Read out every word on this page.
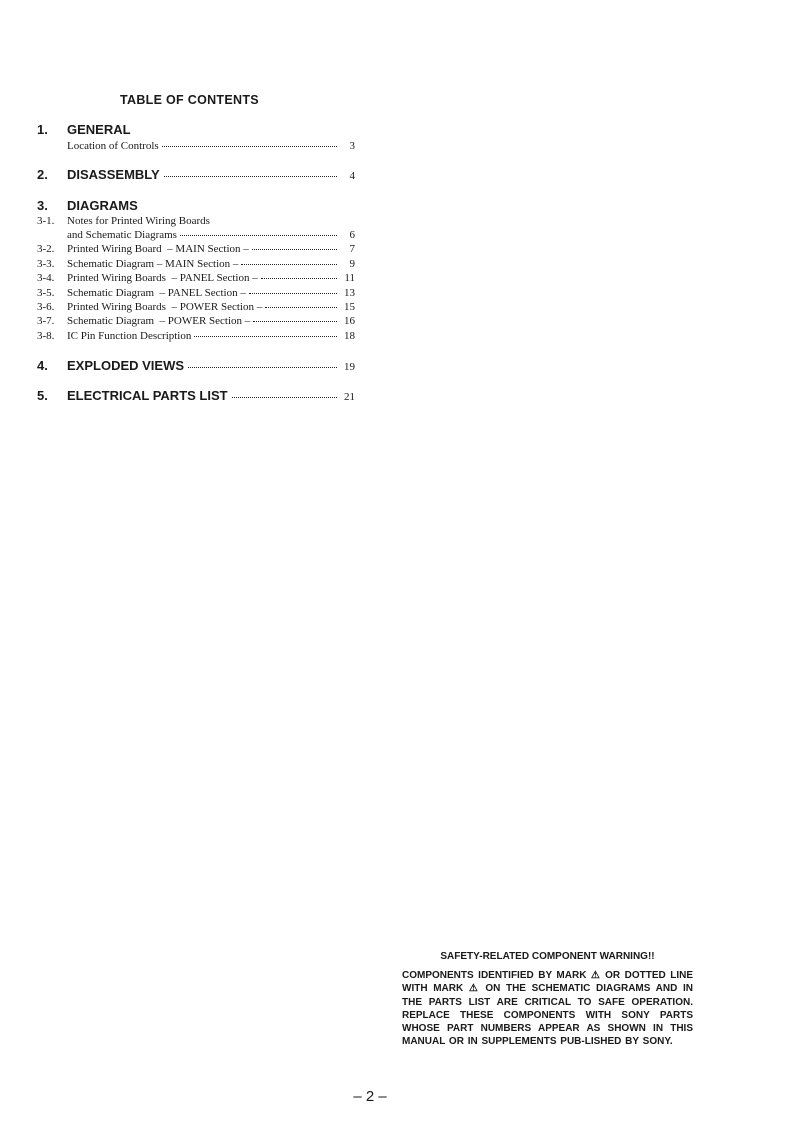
TABLE OF CONTENTS
1.	GENERAL
Location of Controls	3
2.	DISASSEMBLY	4
3.	DIAGRAMS
3-1.	Notes for Printed Wiring Boards
and Schematic Diagrams	6
3-2.	Printed Wiring Board  – MAIN Section –	7
3-3.	Schematic Diagram – MAIN Section –	9
3-4.	Printed Wiring Boards  – PANEL Section –	11
3-5.	Schematic Diagram  – PANEL Section –	13
3-6.	Printed Wiring Boards  – POWER Section –	15
3-7.	Schematic Diagram  – POWER Section –	16
3-8.	IC Pin Function Description	18
4.	EXPLODED VIEWS	19
5.	ELECTRICAL PARTS LIST	21
SAFETY-RELATED COMPONENT WARNING!!
COMPONENTS IDENTIFIED BY MARK ⚠ OR DOTTED LINE WITH MARK ⚠ ON THE SCHEMATIC DIAGRAMS AND IN THE PARTS LIST ARE CRITICAL TO SAFE OPERATION. REPLACE THESE COMPONENTS WITH SONY PARTS WHOSE PART NUMBERS APPEAR AS SHOWN IN THIS MANUAL OR IN SUPPLEMENTS PUB-LISHED BY SONY.
– 2 –
